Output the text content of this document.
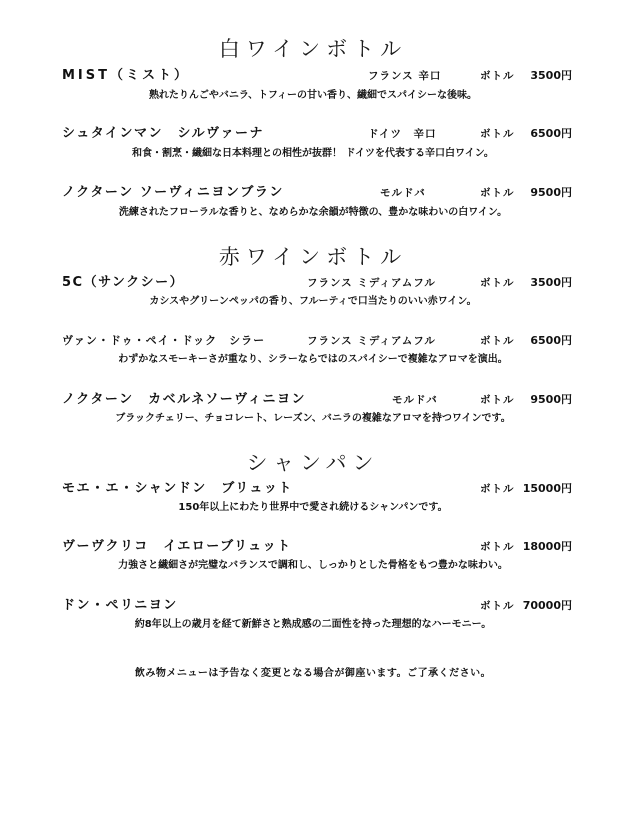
白ワインボトル
MIST（ミスト）	フランス 辛口	ボトル 3500円
熟れたりんごやバニラ、トフィーの甘い香り、繊細でスパイシーな後味。
シュタインマン　シルヴァーナ	ドイツ　辛口	ボトル 6500円
和食・割烹・繊細な日本料理との相性が抜群！ ドイツを代表する辛口白ワイン。
ノクターン ソーヴィニヨンブラン	モルドバ	ボトル 9500円
洗練されたフローラルな香りと、なめらかな余韻が特徴の、豊かな味わいの白ワイン。
赤ワインボトル
5C（サンクシー）	フランス ミディアムフル	ボトル 3500円
カシスやグリーンペッパの香り、フルーティで口当たりのいい赤ワイン。
ヴァン・ドゥ・ペイ・ドック　シラー	フランス ミディアムフル	ボトル 6500円
わずかなスモーキーさが重なり、シラーならではのスパイシーで複雑なアロマを演出。
ノクターン　カベルネソーヴィニヨン	モルドバ	ボトル 9500円
ブラックチェリー、チョコレート、レーズン、バニラの複雑なアロマを持つワインです。
シャンパン
モエ・エ・シャンドン　ブリュット	ボトル 15000円
150年以上にわたり世界中で愛され続けるシャンパンです。
ヴーヴクリコ　イエローブリュット	ボトル 18000円
力強さと繊細さが完璧なバランスで調和し、しっかりとした骨格をもつ豊かな味わい。
ドン・ペリニヨン	ボトル 70000円
約8年以上の歳月を経て新鮮さと熟成感の二面性を持った理想的なハーモニー。
飲み物メニューは予告なく変更となる場合が御座います。ご了承ください。
